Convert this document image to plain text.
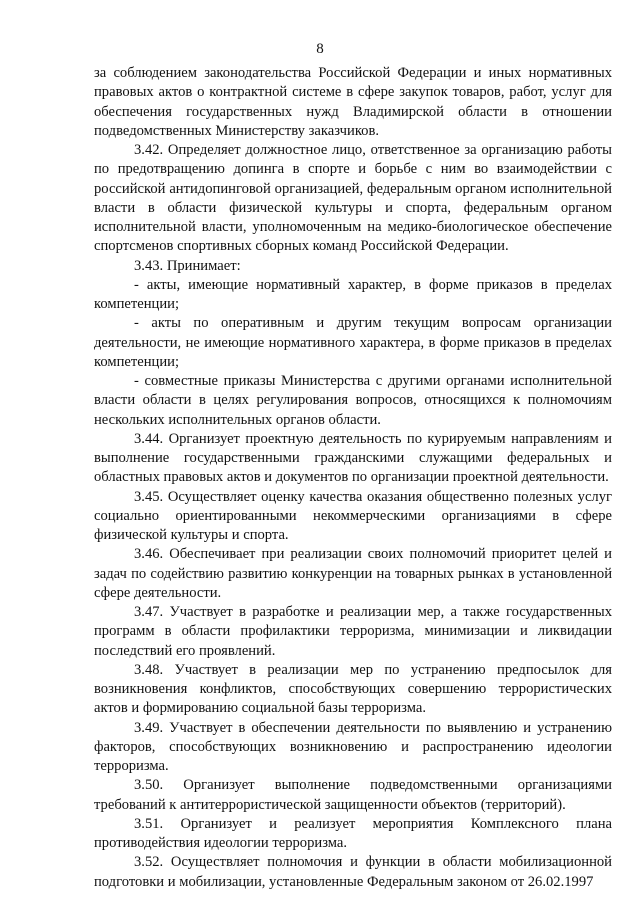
8

за соблюдением законодательства Российской Федерации и иных нормативных правовых актов о контрактной системе в сфере закупок товаров, работ, услуг для обеспечения государственных нужд Владимирской области в отношении подведомственных Министерству заказчиков.

3.42. Определяет должностное лицо, ответственное за организацию работы по предотвращению допинга в спорте и борьбе с ним во взаимодействии с российской антидопинговой организацией, федеральным органом исполнительной власти в области физической культуры и спорта, федеральным органом исполнительной власти, уполномоченным на медико-биологическое обеспечение спортсменов спортивных сборных команд Российской Федерации.

3.43. Принимает:

- акты, имеющие нормативный характер, в форме приказов в пределах компетенции;

- акты по оперативным и другим текущим вопросам организации деятельности, не имеющие нормативного характера, в форме приказов в пределах компетенции;

- совместные приказы Министерства с другими органами исполнительной власти области в целях регулирования вопросов, относящихся к полномочиям нескольких исполнительных органов области.

3.44. Организует проектную деятельность по курируемым направлениям и выполнение государственными гражданскими служащими федеральных и областных правовых актов и документов по организации проектной деятельности.

3.45. Осуществляет оценку качества оказания общественно полезных услуг социально ориентированными некоммерческими организациями в сфере физической культуры и спорта.

3.46. Обеспечивает при реализации своих полномочий приоритет целей и задач по содействию развитию конкуренции на товарных рынках в установленной сфере деятельности.

3.47. Участвует в разработке и реализации мер, а также государственных программ в области профилактики терроризма, минимизации и ликвидации последствий его проявлений.

3.48. Участвует в реализации мер по устранению предпосылок для возникновения конфликтов, способствующих совершению террористических актов и формированию социальной базы терроризма.

3.49. Участвует в обеспечении деятельности по выявлению и устранению факторов, способствующих возникновению и распространению идеологии терроризма.

3.50. Организует выполнение подведомственными организациями требований к антитеррористической защищенности объектов (территорий).

3.51. Организует и реализует мероприятия Комплексного плана противодействия идеологии терроризма.

3.52. Осуществляет полномочия и функции в области мобилизационной подготовки и мобилизации, установленные Федеральным законом от 26.02.1997
